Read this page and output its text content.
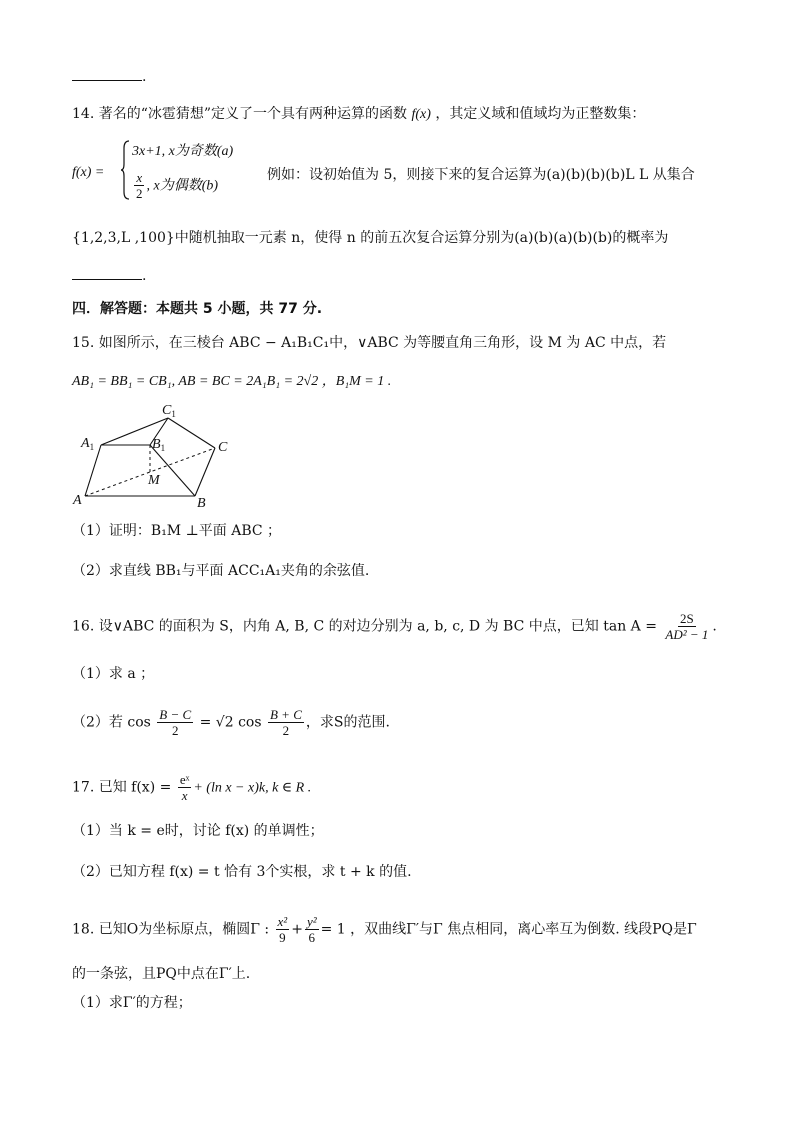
.
14. 著名的“冰雹猜想”定义了一个具有两种运算的函数 f(x) ，其定义域和值域均为正整数集：
f(x) =
3x+1, x为奇数(a)
$\frac{x}{2}$ , x为偶数(b)
例如：设初始值为 5，则接下来的复合运算为(a)(b)(b)(b)L L 从集合
{1,2,3,L ,100}中随机抽取一元素 n，使得 n 的前五次复合运算分别为(a)(b)(a)(b)(b)的概率为
.
四．解答题：本题共 5 小题，共 77 分.
15. 如图所示，在三棱台 ABC − A₁B₁C₁中，∨ABC 为等腰直角三角形，设 M 为 AC 中点，若
AB₁ = BB₁ = CB₁, AB = BC = 2A₁B₁ = 2√2 ，B₁M = 1 .
$C_1$
$A_1$	$B_1$	C
M
A	B
（1）证明：B₁M ⊥平面 ABC ；
（2）求直线 BB₁与平面 ACC₁A₁夹角的余弦值.
16. 设∨ABC 的面积为 S，内角 A, B, C 的对边分别为 a, b, c, D 为 BC 中点，已知 $\tan A = \frac{2S}{\text{AD² − 1}}$ .
（1）求 a ；
（2）若 $\cos \frac{B - C}{2} = √2$ $\cos \frac{B + C}{2}$ ，求S的范围.
17. 已知 $f(x) = \frac{\text{eˣ}}{x} + (\ln$ x − x)k, k ∈ R .
（1）当 k = e时，讨论 f(x) 的单调性；
（2）已知方程 f(x) = t 恰有 3个实根，求 t + k 的值.
18. 已知O为坐标原点，椭圆Γ : $\frac{\text{x²}}{9} + \frac{\text{y²}}{6} = 1$ ，双曲线Γ′与Γ 焦点相同，离心率互为倒数. 线段PQ是Γ
的一条弦，且PQ中点在Γ′上.
（1）求Γ′的方程；
